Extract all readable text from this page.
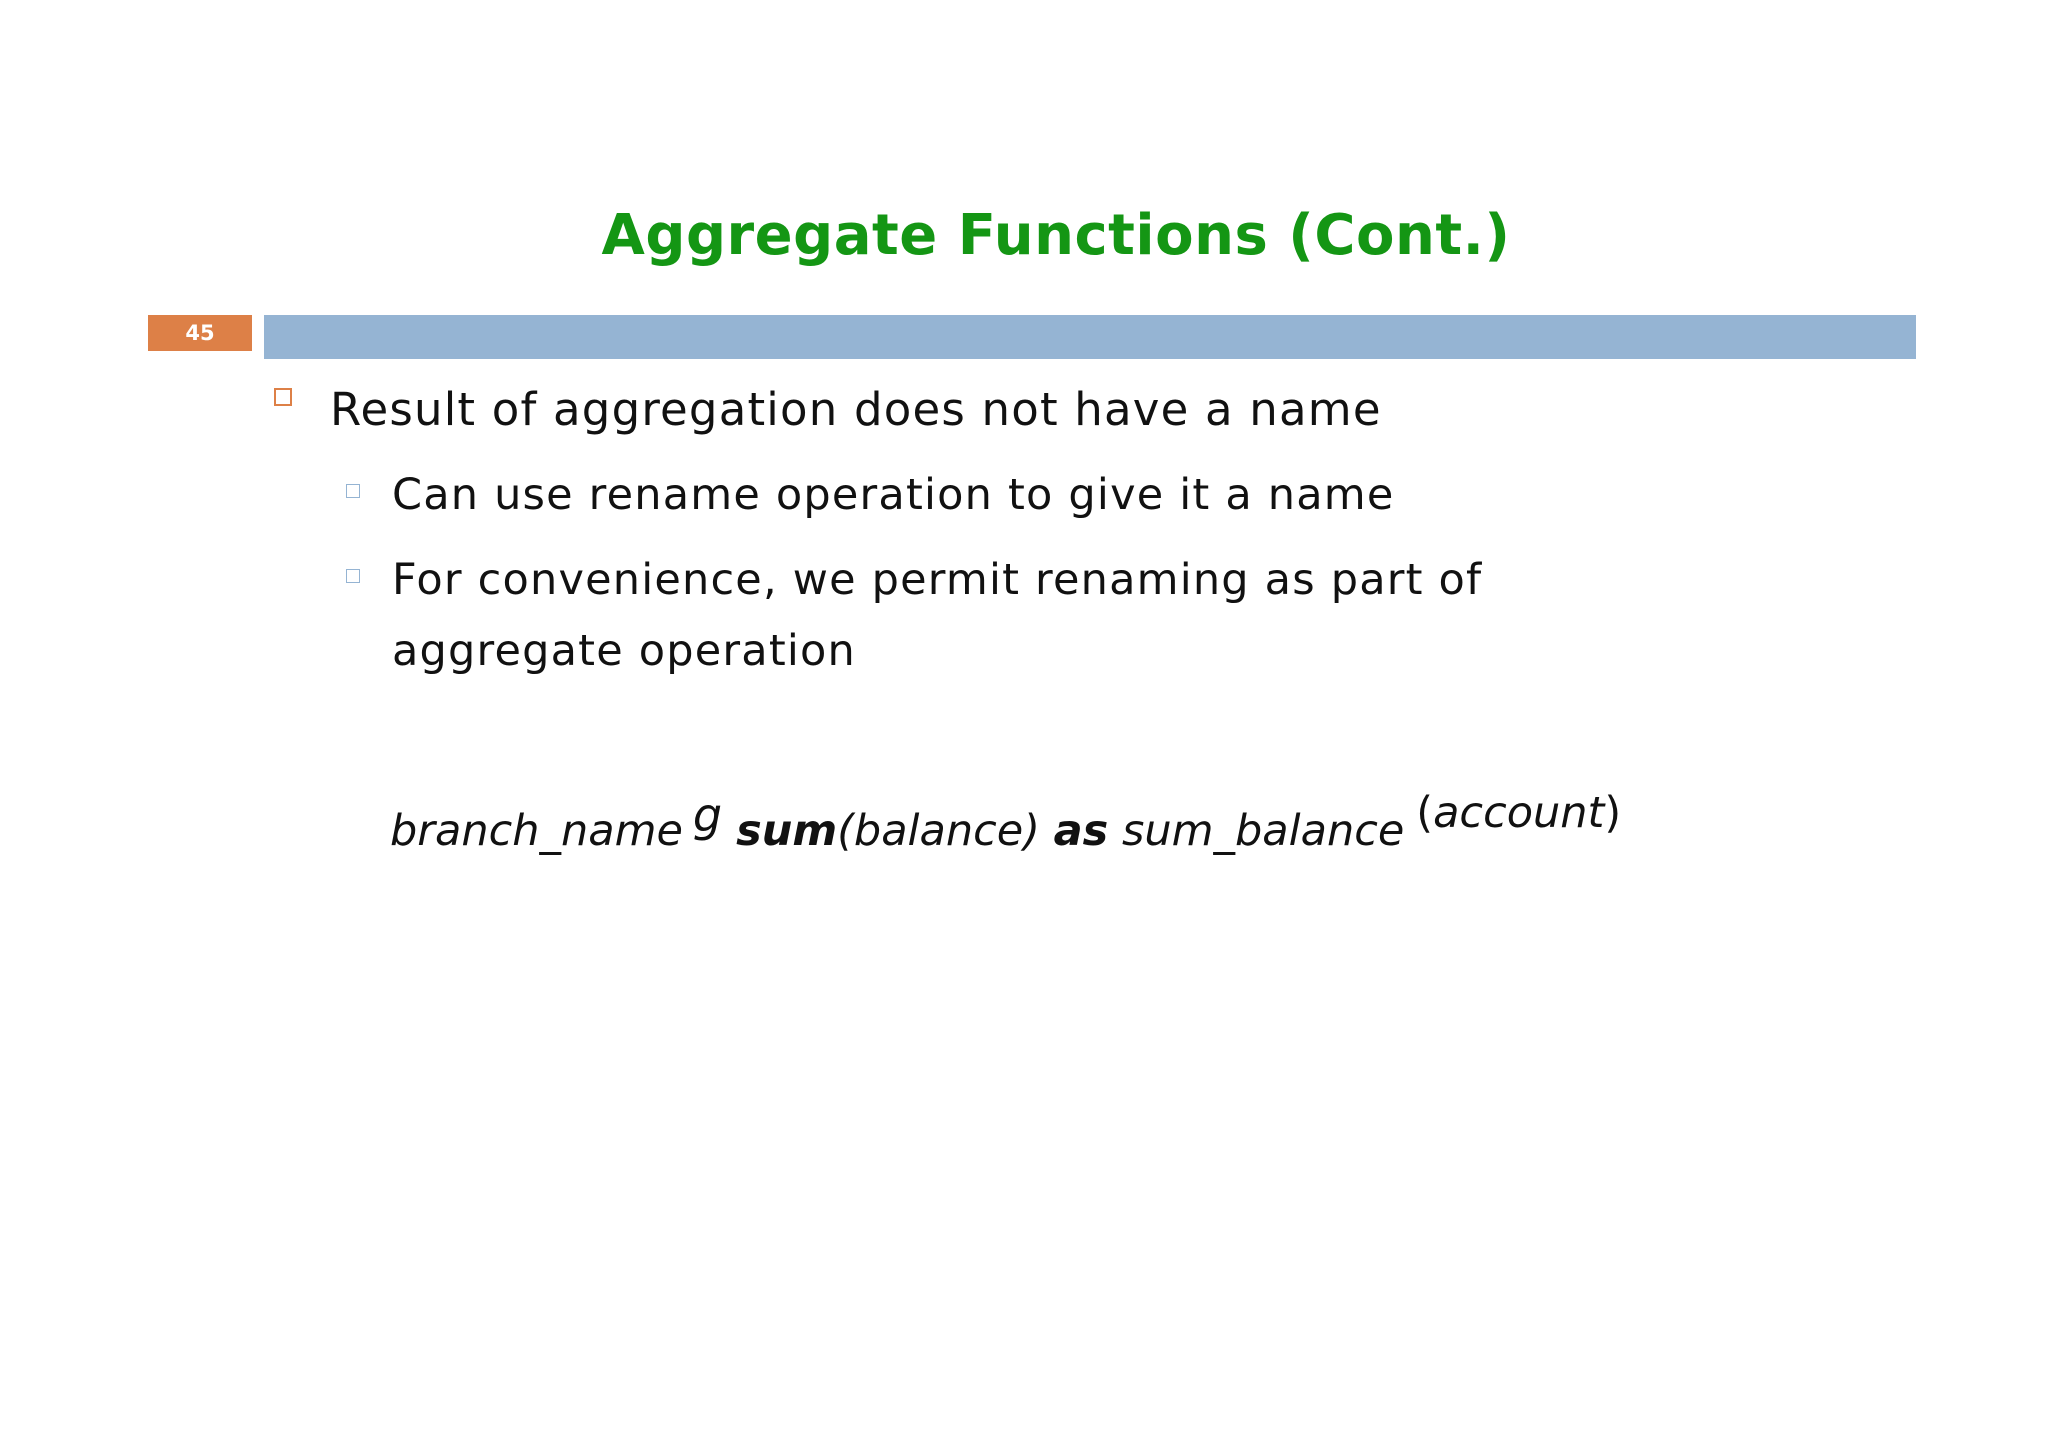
Aggregate Functions (Cont.)
45
Result of aggregation does not have a name
Can use rename operation to give it a name
For convenience, we permit renaming as part of
aggregate operation
branch_name g sum(balance) as sum_balance (account)
